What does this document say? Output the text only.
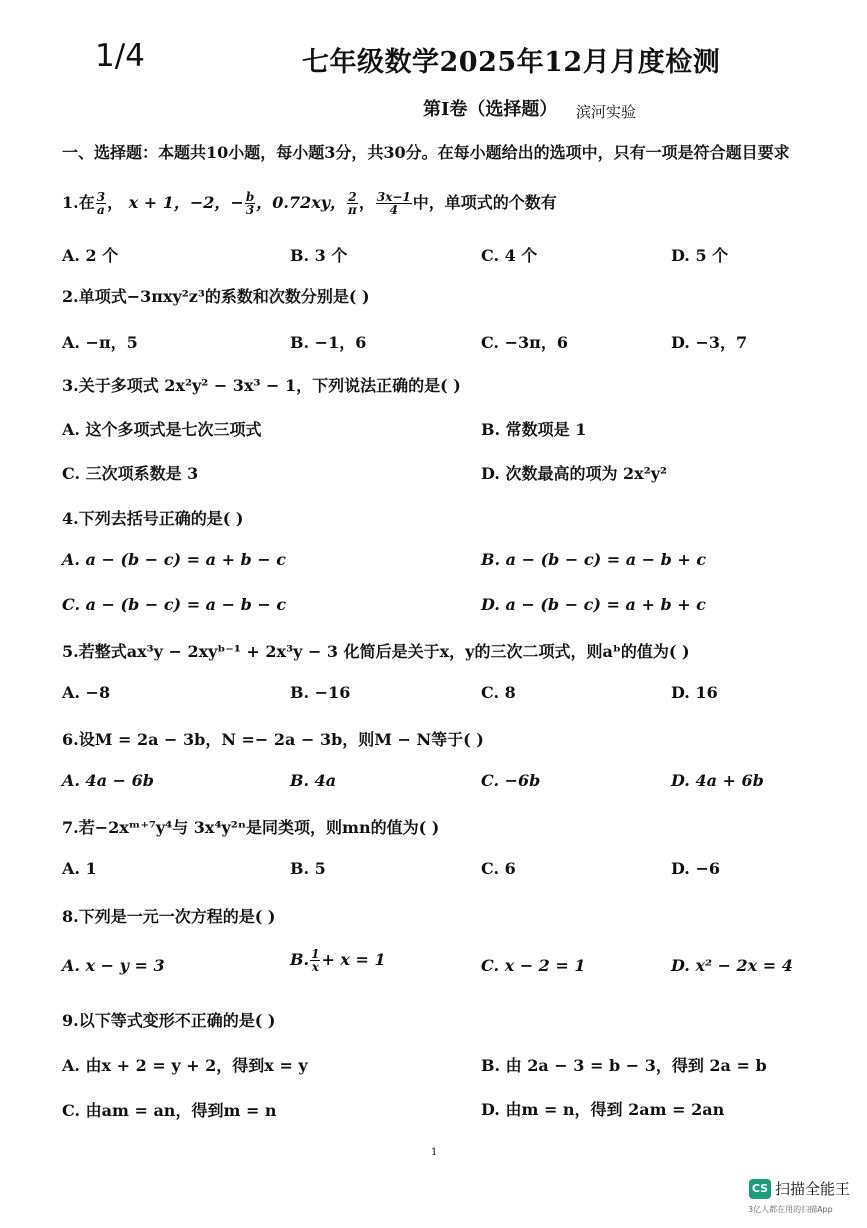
1/4	七年级数学2025年12月月度检测
第I卷（选择题） 滨河实验
一、选择题：本题共10小题，每小题3分，共30分。在每小题给出的选项中，只有一项是符合题目要求
1.在 $\frac{3}{a}$ ， x + 1，−2，− $\frac{b}{3}$ ，0.72xy， $\frac{2}{\pi}$ ， $\frac{3x-1}{4}$ 中，单项式的个数有
A. 2 个	B. 3 个	C. 4 个	D. 5 个
2.单项式−3πxy²z³的系数和次数分别是( )
A. −π，5	B. −1，6	C. −3π，6	D. −3，7
3.关于多项式 2x²y² − 3x³ − 1，下列说法正确的是( )
A. 这个多项式是七次三项式	B. 常数项是 1
C. 三次项系数是 3	D. 次数最高的项为 2x²y²
4.下列去括号正确的是( )
A. a − (b − c) = a + b − c	B. a − (b − c) = a − b + c
C. a − (b − c) = a − b − c	D. a − (b − c) = a + b + c
5.若整式ax³y − 2xyᵇ⁻¹ + 2x³y − 3 化简后是关于x，y的三次二项式，则aᵇ的值为( )
A. −8	B. −16	C. 8	D. 16
6.设M = 2a − 3b，N =− 2a − 3b，则M − N等于( )
A. 4a − 6b	B. 4a	C. −6b	D. 4a + 6b
7.若−2xᵐ⁺⁷y⁴与 3x⁴y²ⁿ是同类项，则mn的值为( )
A. 1	B. 5	C. 6	D. −6
8.下列是一元一次方程的是( )
A. x − y = 3	B. $\frac{1}{x} + x = 1$	C. x − 2 = 1	D. x² − 2x = 4
9.以下等式变形不正确的是( )
A. 由x + 2 = y + 2，得到x = y	B. 由 2a − 3 = b − 3，得到 2a = b
C. 由am = an，得到m = n	D. 由m = n，得到 2am = 2an
1
CS 扫描全能王
3亿人都在用的扫描App
